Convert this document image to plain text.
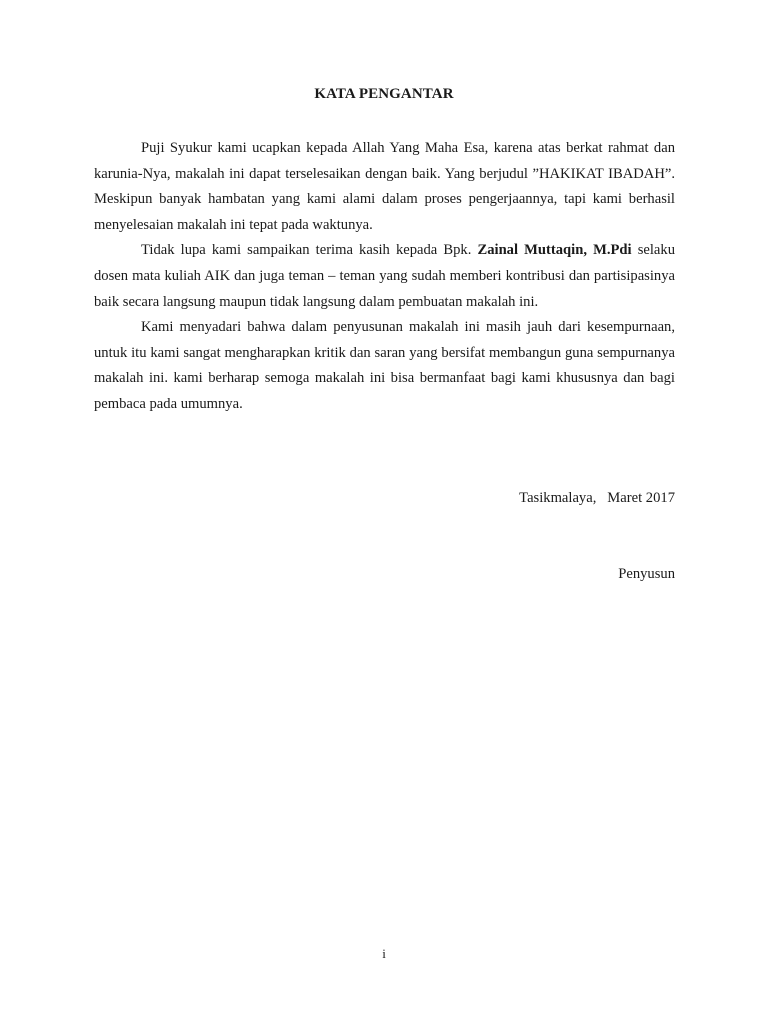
KATA PENGANTAR

Puji Syukur kami ucapkan kepada Allah Yang Maha Esa, karena atas berkat rahmat dan karunia-Nya, makalah ini dapat terselesaikan dengan baik. Yang berjudul ”HAKIKAT IBADAH”. Meskipun banyak hambatan yang kami alami dalam proses pengerjaannya, tapi kami berhasil menyelesaian makalah ini tepat pada waktunya.

Tidak lupa kami sampaikan terima kasih kepada Bpk. Zainal Muttaqin, M.Pdi selaku dosen mata kuliah AIK dan juga teman – teman yang sudah memberi kontribusi dan partisipasinya baik secara langsung maupun tidak langsung dalam pembuatan makalah ini.

Kami menyadari bahwa dalam penyusunan makalah ini masih jauh dari kesempurnaan, untuk itu kami sangat mengharapkan kritik dan saran yang bersifat membangun guna sempurnanya makalah ini. kami berharap semoga makalah ini bisa bermanfaat bagi kami khususnya dan bagi pembaca pada umumnya.

Tasikmalaya,   Maret 2017
Penyusun
i
